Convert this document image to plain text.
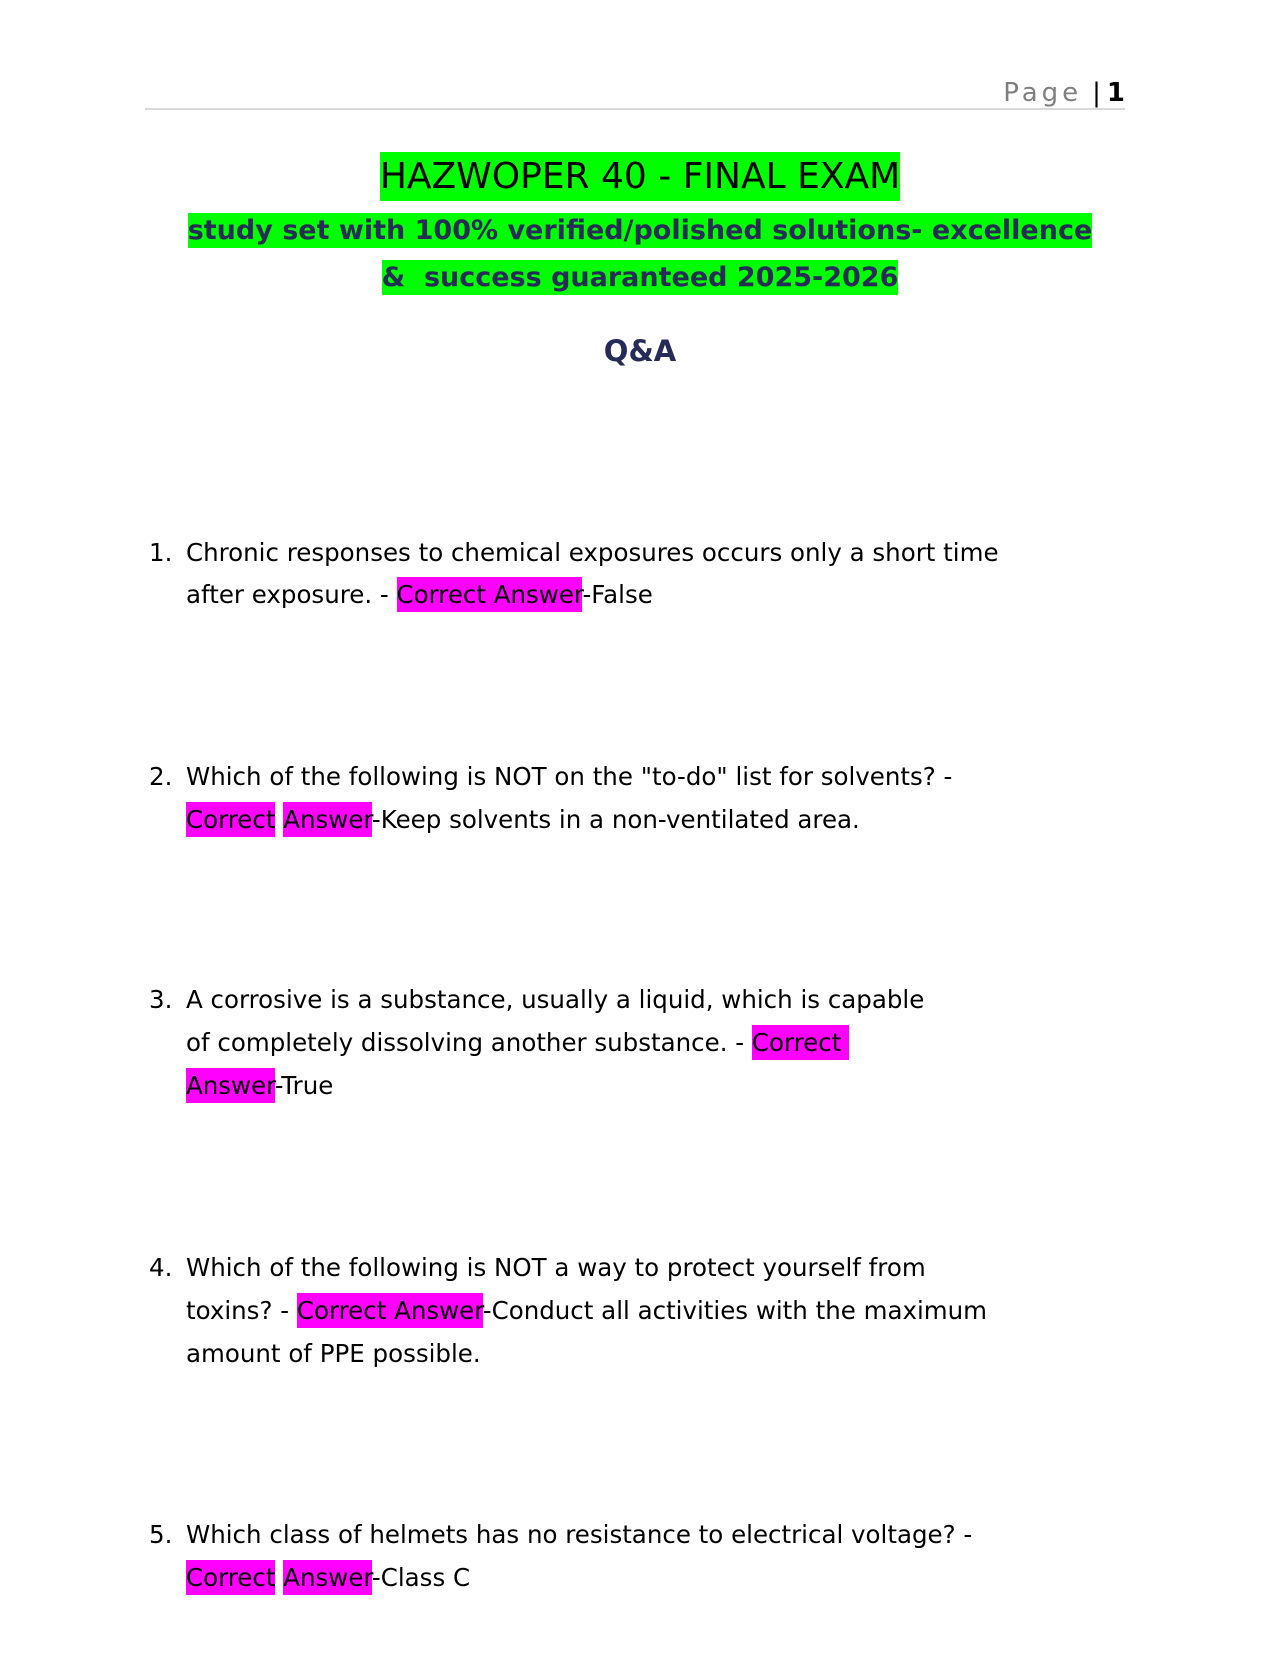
Page | 1
HAZWOPER 40 - FINAL EXAM
study set with 100% verified/polished solutions- excellence
&  success guaranteed 2025-2026
Q&A
1. Chronic responses to chemical exposures occurs only a short time
after exposure. - Correct Answer-False
2. Which of the following is NOT on the "to-do" list for solvents? -
Correct Answer-Keep solvents in a non-ventilated area.
3. A corrosive is a substance, usually a liquid, which is capable
of completely dissolving another substance. - Correct
Answer-True
4. Which of the following is NOT a way to protect yourself from
toxins? - Correct Answer-Conduct all activities with the maximum
amount of PPE possible.
5. Which class of helmets has no resistance to electrical voltage? -
Correct Answer-Class C
